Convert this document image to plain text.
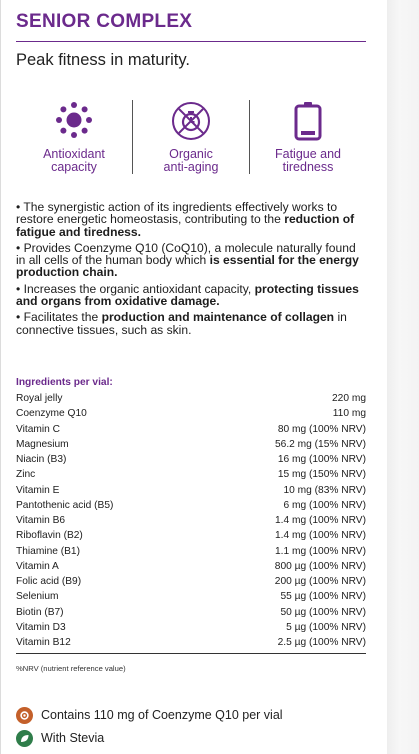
SENIOR COMPLEX
Peak fitness in maturity.
Antioxidant
capacity
Organic
anti-aging
Fatigue and
tiredness

• The synergistic action of its ingredients effectively works to restore energetic homeostasis, contributing to the reduction of fatigue and tiredness.

• Provides Coenzyme Q10 (CoQ10), a molecule naturally found in all cells of the human body which is essential for the energy production chain.

• Increases the organic antioxidant capacity, protecting tissues and organs from oxidative damage.

• Facilitates the production and maintenance of collagen in connective tissues, such as skin.

Ingredients per vial:
Royal jelly	220 mg
Coenzyme Q10	110 mg
Vitamin C	80 mg (100% NRV)
Magnesium	56.2 mg (15% NRV)
Niacin (B3)	16 mg (100% NRV)
Zinc	15 mg (150% NRV)
Vitamin E	10 mg (83% NRV)
Pantothenic acid (B5)	6 mg (100% NRV)
Vitamin B6	1.4 mg (100% NRV)
Riboflavin (B2)	1.4 mg (100% NRV)
Thiamine (B1)	1.1 mg (100% NRV)
Vitamin A	800 µg (100% NRV)
Folic acid (B9)	200 µg (100% NRV)
Selenium	55 µg (100% NRV)
Biotin (B7)	50 µg (100% NRV)
Vitamin D3	5 µg (100% NRV)
Vitamin B12	2.5 µg (100% NRV)
%NRV (nutrient reference value)
Contains 110 mg of Coenzyme Q10 per vial
With Stevia
